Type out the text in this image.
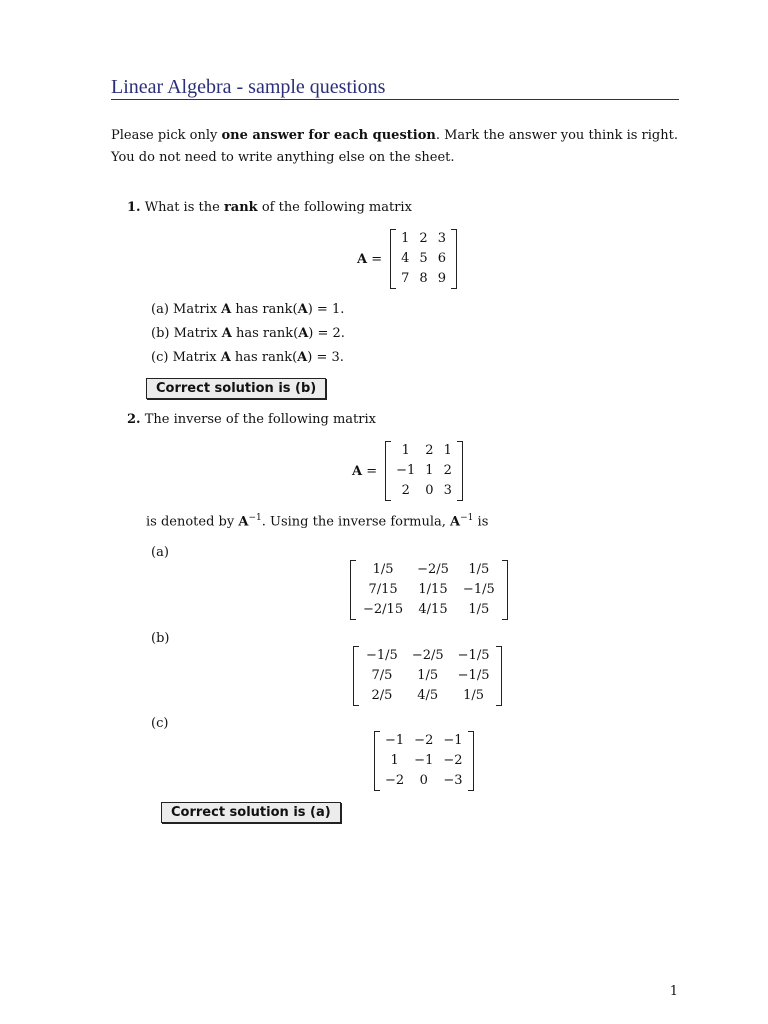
Linear Algebra - sample questions
Please pick only one answer for each question. Mark the answer you think is right. You do not need to write anything else on the sheet.
1. What is the rank of the following matrix
A =
1	2	3
4	5	6
7	8	9
(a) Matrix A has rank(A) = 1.
(b) Matrix A has rank(A) = 2.
(c) Matrix A has rank(A) = 3.
Correct solution is (b)
2. The inverse of the following matrix
A =
1	2	1
−1	1	2
2	0	3
is denoted by $A^{-1}$. Using the inverse formula, $A^{-1}$ is
(a)
1/5	−2/5	1/5
7/15	1/15	−1/5
−2/15	4/15	1/5
(b)
−1/5	−2/5	−1/5
7/5	1/5	−1/5
2/5	4/5	1/5
(c)
−1	−2	−1
1	−1	−2
−2	0	−3
Correct solution is (a)
1
